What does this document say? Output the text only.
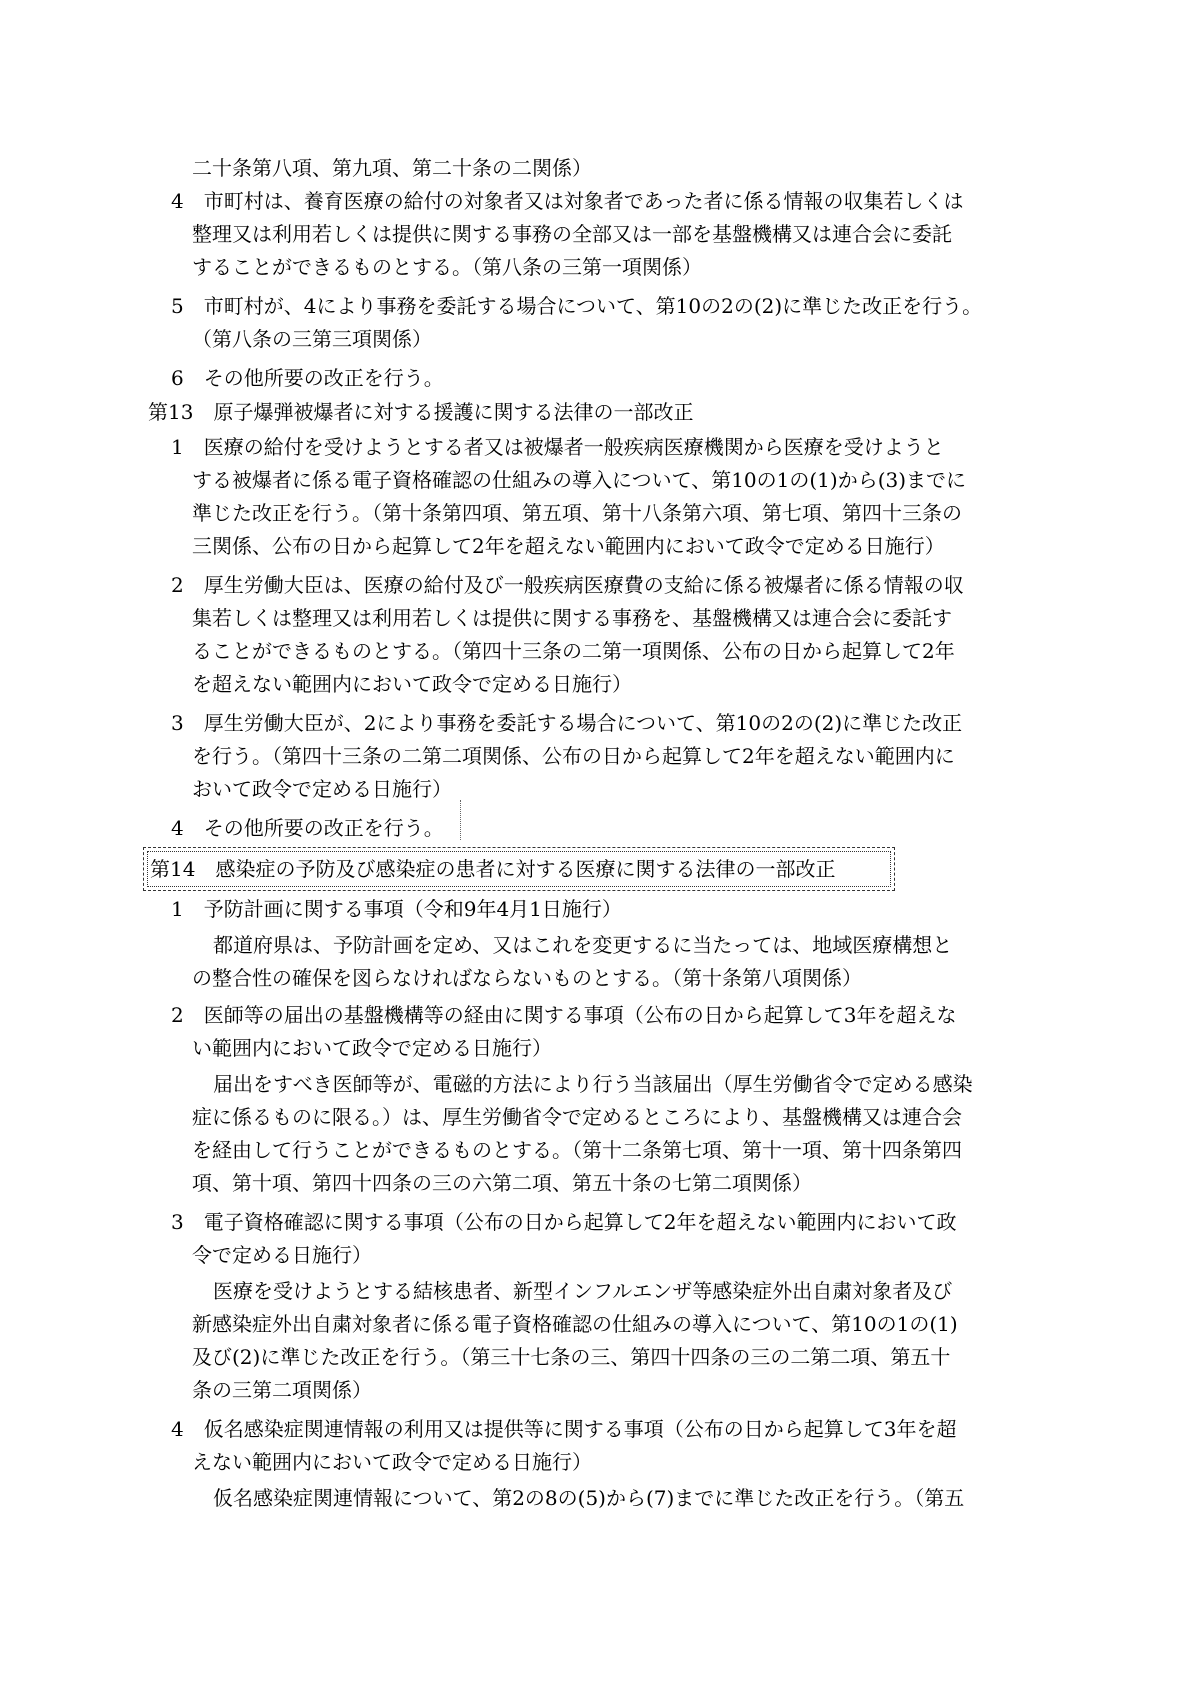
二十条第八項、第九項、第二十条の二関係）
4　市町村は、養育医療の給付の対象者又は対象者であった者に係る情報の収集若しくは
整理又は利用若しくは提供に関する事務の全部又は一部を基盤機構又は連合会に委託
することができるものとする。（第八条の三第一項関係）
5　市町村が、4により事務を委託する場合について、第10の2の(2)に準じた改正を行う。
（第八条の三第三項関係）
6　その他所要の改正を行う。
第13　原子爆弾被爆者に対する援護に関する法律の一部改正
1　医療の給付を受けようとする者又は被爆者一般疾病医療機関から医療を受けようと
する被爆者に係る電子資格確認の仕組みの導入について、第10の1の(1)から(3)までに
準じた改正を行う。（第十条第四項、第五項、第十八条第六項、第七項、第四十三条の
三関係、公布の日から起算して2年を超えない範囲内において政令で定める日施行）
2　厚生労働大臣は、医療の給付及び一般疾病医療費の支給に係る被爆者に係る情報の収
集若しくは整理又は利用若しくは提供に関する事務を、基盤機構又は連合会に委託す
ることができるものとする。（第四十三条の二第一項関係、公布の日から起算して2年
を超えない範囲内において政令で定める日施行）
3　厚生労働大臣が、2により事務を委託する場合について、第10の2の(2)に準じた改正
を行う。（第四十三条の二第二項関係、公布の日から起算して2年を超えない範囲内に
おいて政令で定める日施行）
4　その他所要の改正を行う。
第14　感染症の予防及び感染症の患者に対する医療に関する法律の一部改正
1　予防計画に関する事項（令和9年4月1日施行）
都道府県は、予防計画を定め、又はこれを変更するに当たっては、地域医療構想と
の整合性の確保を図らなければならないものとする。（第十条第八項関係）
2　医師等の届出の基盤機構等の経由に関する事項（公布の日から起算して3年を超えな
い範囲内において政令で定める日施行）
届出をすべき医師等が、電磁的方法により行う当該届出（厚生労働省令で定める感染
症に係るものに限る。）は、厚生労働省令で定めるところにより、基盤機構又は連合会
を経由して行うことができるものとする。（第十二条第七項、第十一項、第十四条第四
項、第十項、第四十四条の三の六第二項、第五十条の七第二項関係）
3　電子資格確認に関する事項（公布の日から起算して2年を超えない範囲内において政
令で定める日施行）
医療を受けようとする結核患者、新型インフルエンザ等感染症外出自粛対象者及び
新感染症外出自粛対象者に係る電子資格確認の仕組みの導入について、第10の1の(1)
及び(2)に準じた改正を行う。（第三十七条の三、第四十四条の三の二第二項、第五十
条の三第二項関係）
4　仮名感染症関連情報の利用又は提供等に関する事項（公布の日から起算して3年を超
えない範囲内において政令で定める日施行）
仮名感染症関連情報について、第2の8の(5)から(7)までに準じた改正を行う。（第五
